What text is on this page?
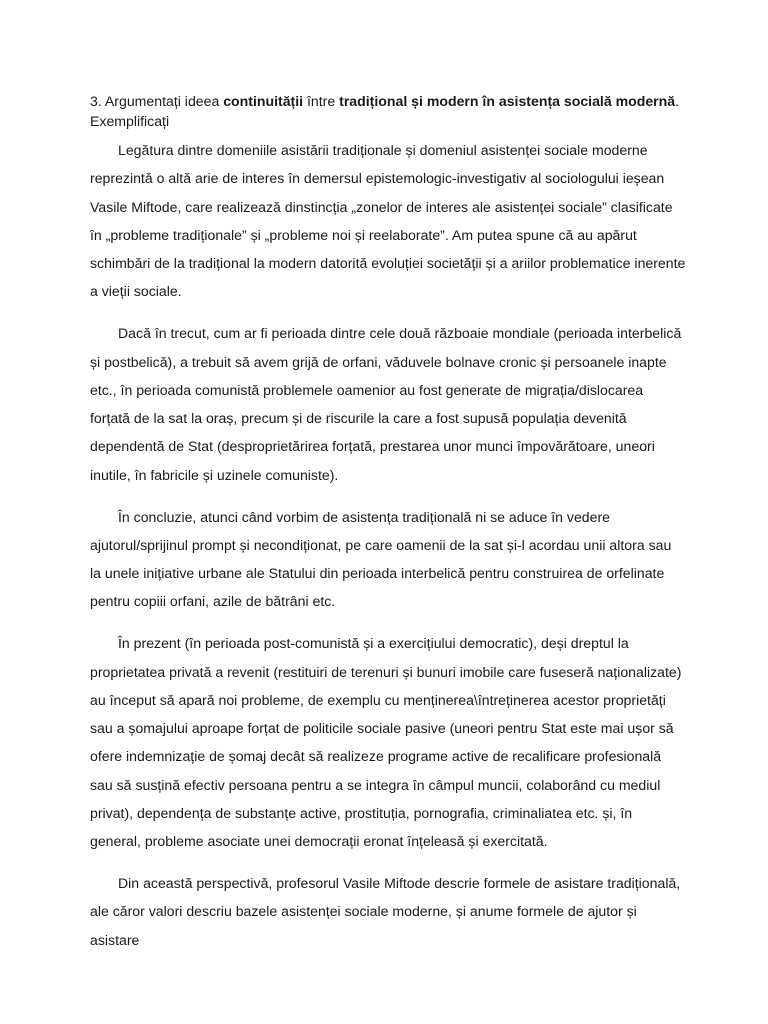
3. Argumentați ideea continuității între tradițional și modern în asistența socială modernă.
Exemplificați

Legătura dintre domeniile asistării tradiționale și domeniul asistenței sociale moderne reprezintă o altă arie de interes în demersul epistemologic-investigativ al sociologului ieșean Vasile Miftode, care realizează dinstincția „zonelor de interes ale asistenței sociale” clasificate în „probleme tradiționale” și „probleme noi și reelaborate”. Am putea spune că au apărut schimbări de la tradițional la modern datorită evoluției societății și a ariilor problematice inerente a vieții sociale.

Dacă în trecut, cum ar fi perioada dintre cele două războaie mondiale (perioada interbelică și postbelică), a trebuit să avem grijă de orfani, văduvele bolnave cronic și persoanele inapte etc., în perioada comunistă problemele oamenior au fost generate de migrația/dislocarea forțată de la sat la oraș, precum și de riscurile la care a fost supusă populația devenită dependentă de Stat (desproprietărirea forțată, prestarea unor munci împovărătoare, uneori inutile, în fabricile și uzinele comuniste).

În concluzie, atunci când vorbim de asistența tradițională ni se aduce în vedere ajutorul/sprijinul prompt și necondiționat, pe care oamenii de la sat și-l acordau unii altora sau la unele inițiative urbane ale Statului din perioada interbelică pentru construirea de orfelinate pentru copiii orfani, azile de bătrâni etc.

În prezent (în perioada post-comunistă și a exercițiului democratic), deși dreptul la proprietatea privată a revenit (restituiri de terenuri și bunuri imobile care fuseseră naționalizate) au început să apară noi probleme, de exemplu cu menținerea\întreținerea acestor proprietăți sau a șomajului aproape forțat de politicile sociale pasive (uneori pentru Stat este mai ușor să ofere indemnizație de șomaj decât să realizeze programe active de recalificare profesională sau să susțină efectiv persoana pentru a se integra în câmpul muncii, colaborând cu mediul privat), dependența de substanțe active, prostituția, pornografia, criminaliatea etc. și, în general, probleme asociate unei democrații eronat înțeleasă și exercitată.

Din această perspectivă, profesorul Vasile Miftode descrie formele de asistare tradițională, ale căror valori descriu bazele asistenței sociale moderne, și anume formele de ajutor și asistare
